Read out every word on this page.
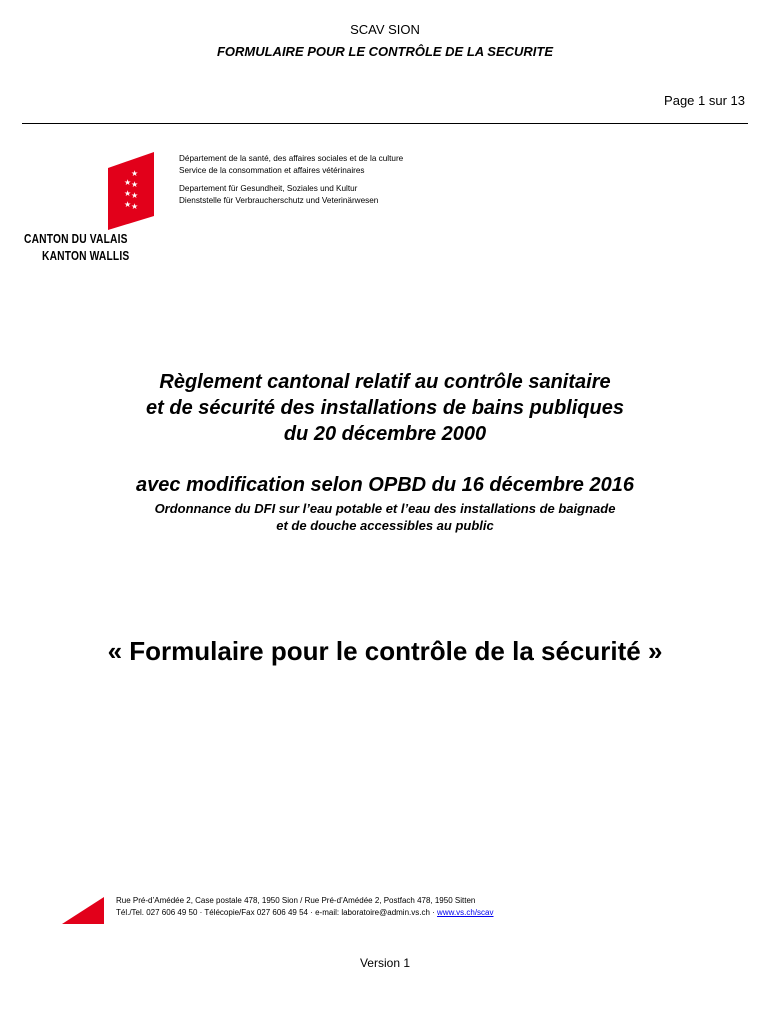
SCAV SION
FORMULAIRE POUR LE CONTRÔLE DE LA SECURITE
Page 1 sur 13
★
★ ★
★ ★
★ ★
★
★
★
★
★
CANTON DU VALAIS
KANTON WALLIS
Département de la santé, des affaires sociales et de la culture
Service de la consommation et affaires vétérinaires
Departement für Gesundheit, Soziales und Kultur
Dienststelle für Verbraucherschutz und Veterinärwesen
Règlement cantonal relatif au contrôle sanitaire
et de sécurité des installations de bains publiques
du 20 décembre 2000
avec modification selon OPBD du 16 décembre 2016
Ordonnance du DFI sur l’eau potable et l’eau des installations de baignade
et de douche accessibles au public
« Formulaire pour le contrôle de la sécurité »
Rue Pré-d’Amédée 2, Case postale 478, 1950 Sion / Rue Pré-d’Amédée 2, Postfach 478, 1950 Sitten
Tél./Tel. 027 606 49 50 · Télécopie/Fax 027 606 49 54 · e-mail: laboratoire@admin.vs.ch · www.vs.ch/scav
Version 1
